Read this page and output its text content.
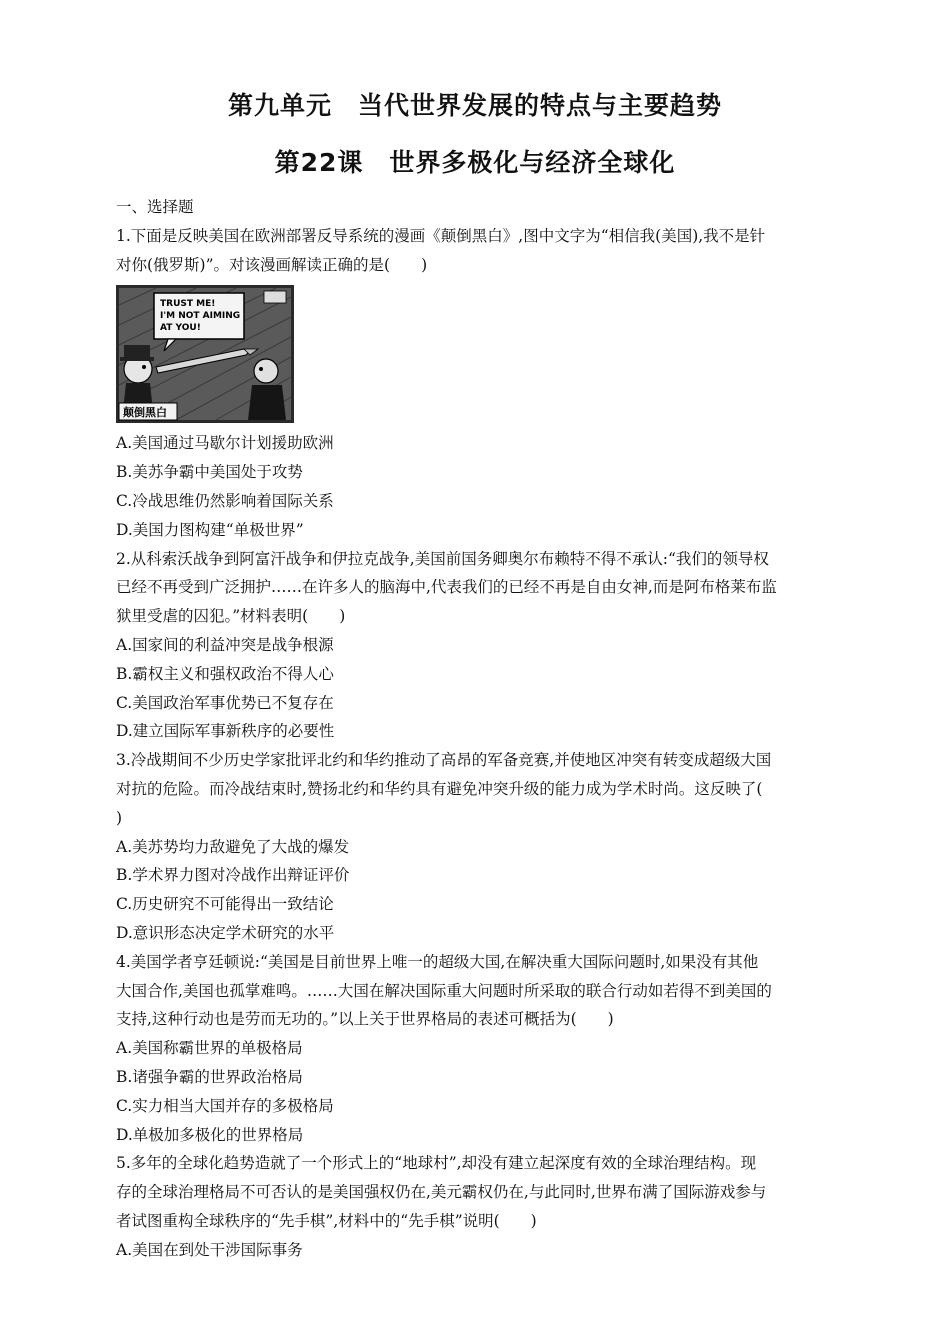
第九单元 当代世界发展的特点与主要趋势
第22课 世界多极化与经济全球化
一、选择题
1.下面是反映美国在欧洲部署反导系统的漫画《颠倒黑白》,图中文字为“相信我(美国),我不是针
对你(俄罗斯)”。对该漫画解读正确的是(　　)
TRUST ME!
I'M NOT AIMING
AT YOU!
颠倒黑白
A.美国通过马歇尔计划援助欧洲
B.美苏争霸中美国处于攻势
C.冷战思维仍然影响着国际关系
D.美国力图构建“单极世界”
2.从科索沃战争到阿富汗战争和伊拉克战争,美国前国务卿奥尔布赖特不得不承认:“我们的领导权
已经不再受到广泛拥护……在许多人的脑海中,代表我们的已经不再是自由女神,而是阿布格莱布监
狱里受虐的囚犯。”材料表明(　　)
A.国家间的利益冲突是战争根源
B.霸权主义和强权政治不得人心
C.美国政治军事优势已不复存在
D.建立国际军事新秩序的必要性
3.冷战期间不少历史学家批评北约和华约推动了高昂的军备竞赛,并使地区冲突有转变成超级大国
对抗的危险。而冷战结束时,赞扬北约和华约具有避免冲突升级的能力成为学术时尚。这反映了(
)
A.美苏势均力敌避免了大战的爆发
B.学术界力图对冷战作出辩证评价
C.历史研究不可能得出一致结论
D.意识形态决定学术研究的水平
4.美国学者亨廷顿说:“美国是目前世界上唯一的超级大国,在解决重大国际问题时,如果没有其他
大国合作,美国也孤掌难鸣。……大国在解决国际重大问题时所采取的联合行动如若得不到美国的
支持,这种行动也是劳而无功的。”以上关于世界格局的表述可概括为(　　)
A.美国称霸世界的单极格局
B.诸强争霸的世界政治格局
C.实力相当大国并存的多极格局
D.单极加多极化的世界格局
5.多年的全球化趋势造就了一个形式上的“地球村”,却没有建立起深度有效的全球治理结构。现
存的全球治理格局不可否认的是美国强权仍在,美元霸权仍在,与此同时,世界布满了国际游戏参与
者试图重构全球秩序的“先手棋”,材料中的“先手棋”说明(　　)
A.美国在到处干涉国际事务
